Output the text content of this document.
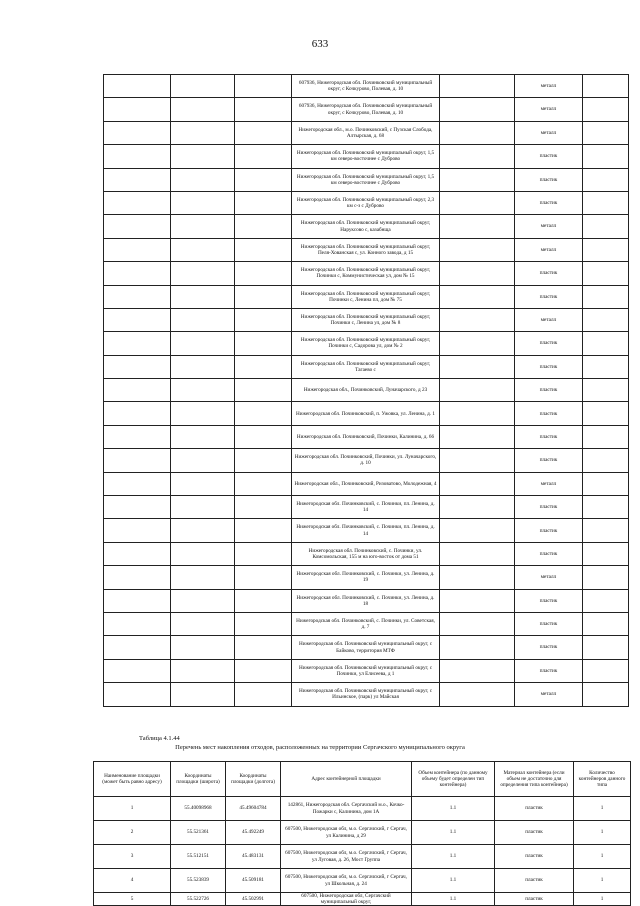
633
			607936, Нижегородская обл. Починковский муниципальный округ, с Кочкурово, Полевая, д. 10		металл	
			607936, Нижегородская обл. Починковский муниципальный округ, с Кочкурово, Полевая, д. 10		металл	
			Нижегородская обл., м.о. Починковский, с Пузская Слобода, Алтырская, д. 68		металл	
			Нижегородская обл. Починковский муниципальный округ, 1,5 км северо-восточнее с Дуброво		пластик	
			Нижегородская обл. Починковский муниципальный округ, 1,5 км северо-восточнее с Дуброво		пластик	
			Нижегородская обл. Починковский муниципальный округ, 2,3 км с-з с Дуброво		пластик	
			Нижегородская обл. Починковский муниципальный округ, Наруксово с, казабнща		металл	
			Нижегородская обл. Починковский муниципальный округ, Пеля-Хованская с, ул. Конного завода, д 15		металл	
			Нижегородская обл. Починковский муниципальный округ, Починки с, Коммунистическая ул, дом № 15		пластик	
			Нижегородская обл. Починковский муниципальный округ, Починки с, Ленина пл, дом № 75		пластик	
			Нижегородская обл. Починковский муниципальный округ, Починки с, Ленина ул, дом № 8		металл	
			Нижегородская обл. Починковский муниципальный округ, Починки с, Садорова ул, дом № 2		пластик	
			Нижегородская обл. Починковский муниципальный округ, Тагаево с		пластик	
			Нижегородская обл., Починковский, Луначарского, д 23		пластик	
			Нижегородская обл. Починковский, п. Ужовка, ул. Ленина, д. 1		пластик	
			Нижегородская обл. Починковский, Починки, Калинина, д. 66		пластик	
			Нижегородская обл. Починковский, Починки, ул. Луначарского, д. 10		пластик	
			Нижегородская обл., Починковский, Ризоватово, Молодежная, 4		металл	
			Нижегородская обл. Починковский, с. Починки, пл. Ленина, д. 14		пластик	
			Нижегородская обл. Починковский, с. Починки, пл. Ленина, д. 14		пластик	
			Нижегородская обл. Починковский, с. Починки, ул. Комсомольская, 155 м на юго-восток от дома 51		пластик	
			Нижегородская обл. Починковский, с. Починки, ул. Ленина, д. 19		металл	
			Нижегородская обл. Починковский, с. Починки, ул. Ленина, д. 18		пластик	
			Нижегородская обл. Починковский, с. Починки, ул. Советская, д. 7		пластик	
			Нижегородская обл. Починковский муниципальный округ, с Байково, территория МТФ		пластик	
			Нижегородская обл. Починковский муниципальный округ, с Починки, ул Елисеева, д 1		пластик	
			Нижегородская обл. Починковский муниципальный округ, с Ильинское, (парк) ул Майская		металл	
Таблица 4.1.44
Перечень мест накопления отходов, расположенных на территории Сергачского муниципального округа
Наименование площадки (может быть равно адресу)	Координаты площадки (широта)	Координаты площадки (долгота)	Адрес контейнерной площадки	Объем контейнера (по данному объему будет определен тип контейнера)	Материал контейнера (если объем не достаточно для определения типа контейнера)	Количество контейнеров данного типа
1	55.40098968	45.49604784	142861, Нижегородская обл. Сергачский м.о., Кочко-Пожарки с, Калинина, дом 1А	1.1	пластик	1
2	55.521361	45.492249	607500, Нижегородская обл, м.о. Сергачский, г Сергач, ул Калинина, д 29	1.1	пластик	1
3	55.512151	45.483131	607500, Нижегородская обл, м.о. Сергачский, г Сергач, ул Луговая, д. 26, Мост Группа	1.1	пластик	1
4	55.523839	45.509181	607500, Нижегородская обл, м.о. Сергачский, г Сергач, ул Школьная, д. 24	1.1	пластик	1
5	55.522726	45.502991	607500, Нижегородская обл, Сергачский муниципальный округ,	1.1	пластик	1
